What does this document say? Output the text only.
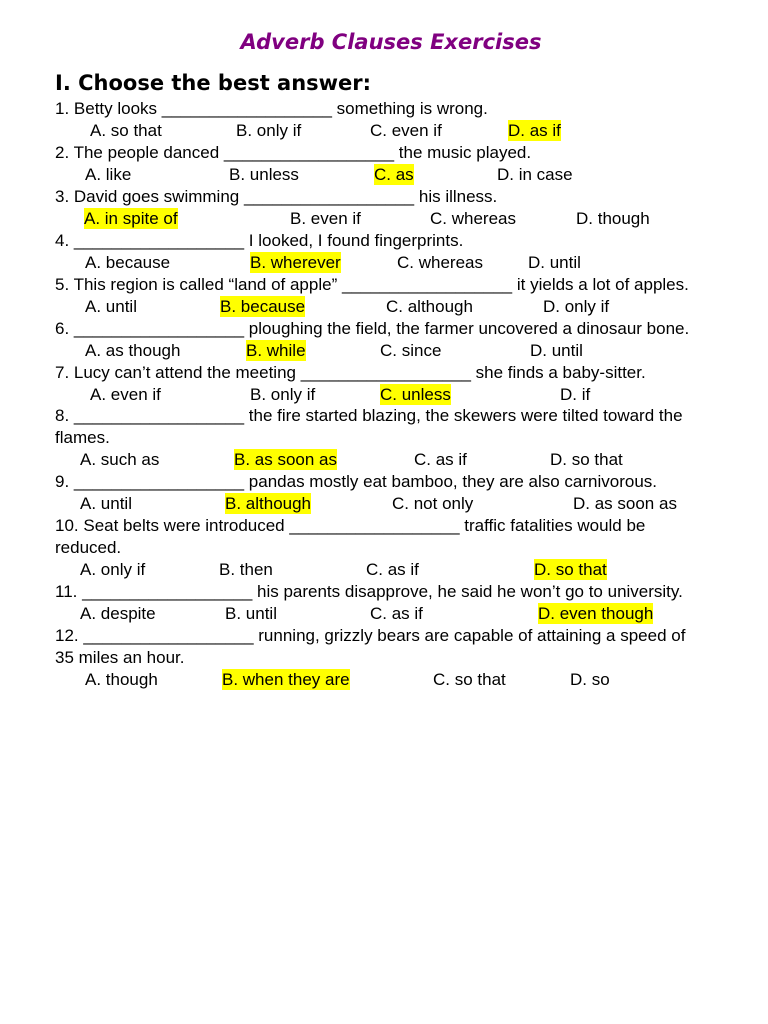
Adverb Clauses Exercises
I. Choose the best answer:
1. Betty looks __________________ something is wrong.
A. so that	B. only if	C. even if	D. as if
2. The people danced __________________ the music played.
A. like	B. unless	C. as	D. in case
3. David goes swimming __________________ his illness.
A. in spite of	B. even if	C. whereas	D. though
4. __________________ I looked, I found fingerprints.
A. because	B. wherever	C. whereas	D. until
5. This region is called “land of apple” __________________ it yields a lot of apples.
A. until	B. because	C. although	D. only if
6. __________________ ploughing the field, the farmer uncovered a dinosaur bone.
A. as though	B. while	C. since	D. until
7. Lucy can’t attend the meeting __________________ she finds a baby-sitter.
A. even if	B. only if	C. unless	D. if
8. __________________ the fire started blazing, the skewers were tilted toward the
flames.
A. such as	B. as soon as	C. as if	D. so that
9. __________________ pandas mostly eat bamboo, they are also carnivorous.
A. until	B. although	C. not only	D. as soon as
10. Seat belts were introduced __________________ traffic fatalities would be
reduced.
A. only if	B. then	C. as if	D. so that
11. __________________ his parents disapprove, he said he won’t go to university.
A. despite	B. until	C. as if	D. even though
12. __________________ running, grizzly bears are capable of attaining a speed of
35 miles an hour.
A. though	B. when they are	C. so that	D. so
